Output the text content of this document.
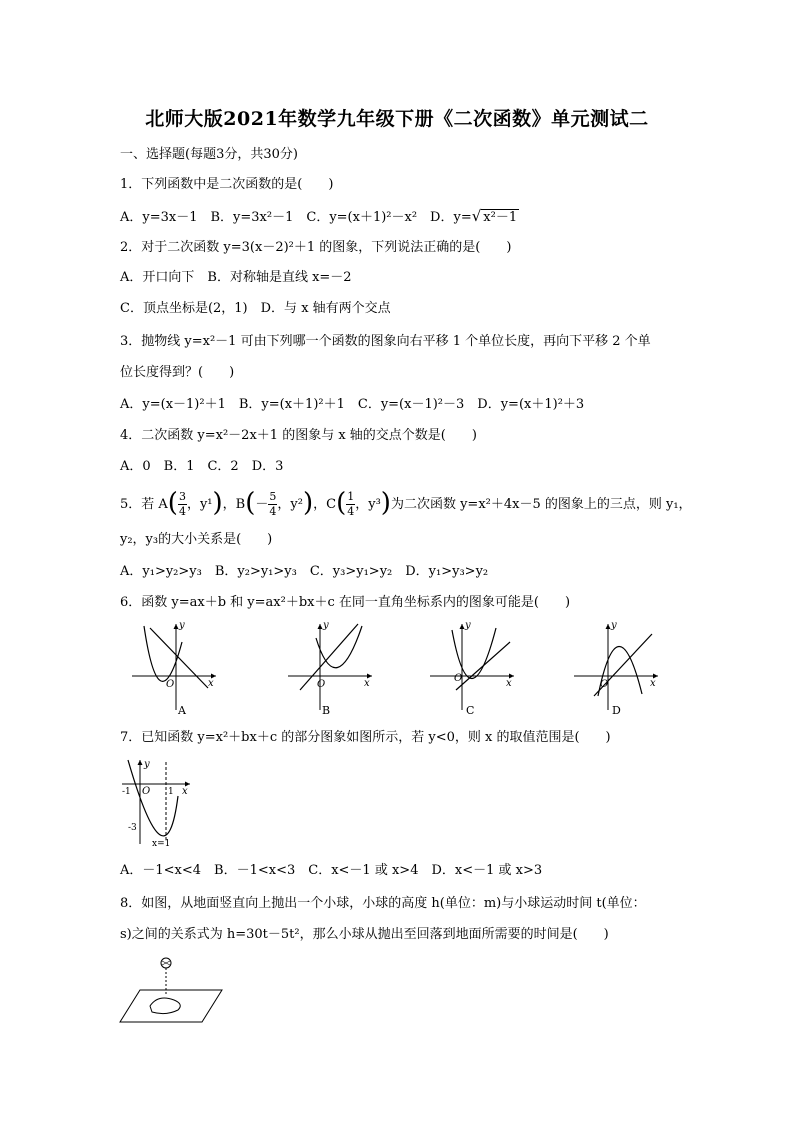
北师大版2021年数学九年级下册《二次函数》单元测试二
一、选择题(每题3分，共30分)
1．下列函数中是二次函数的是(　　)
A．y=3x－1　B．y=3x²－1　C．y=(x＋1)²－x²　D．y=√ x²－1
2．对于二次函数 y=3(x－2)²＋1 的图象，下列说法正确的是(　　)
A．开口向下　B．对称轴是直线 x=－2
C．顶点坐标是(2，1)　D．与 x 轴有两个交点
3．抛物线 y=x²－1 可由下列哪一个函数的图象向右平移 1 个单位长度，再向下平移 2 个单
位长度得到？(　　)
A．y=(x－1)²＋1　B．y=(x＋1)²＋1　C．y=(x－1)²－3　D．y=(x＋1)²＋3
4．二次函数 y=x²－2x＋1 的图象与 x 轴的交点个数是(　　)
A．0　B．1　C．2　D．3
5．若 $A( \frac{3}{4}$ ，y¹)，$B(- \frac{5}{4}$ ，y²)，$C( \frac{1}{4}$ ，y³)为二次函数 y=x²＋4x－5 的图象上的三点，则 y₁，
y₂，y₃的大小关系是(　　)
A．y₁>y₂>y₃　B．y₂>y₁>y₃　C．y₃>y₁>y₂　D．y₁>y₃>y₂
6．函数 y=ax＋b 和 y=ax²＋bx＋c 在同一直角坐标系内的图象可能是(　　)
y
x
O
A
y
x
O
B
y
x
O
C
y
x
O
D
7．已知函数 y=x²＋bx＋c 的部分图象如图所示，若 y<0，则 x 的取值范围是(　　)
y
x
O
-1	1
-3
x=1
A．－1<x<4　B．－1<x<3　C．x<－1 或 x>4　D．x<－1 或 x>3
8．如图，从地面竖直向上抛出一个小球，小球的高度 h(单位：m)与小球运动时间 t(单位：
s)之间的关系式为 h=30t－5t²，那么小球从抛出至回落到地面所需要的时间是(　　)
